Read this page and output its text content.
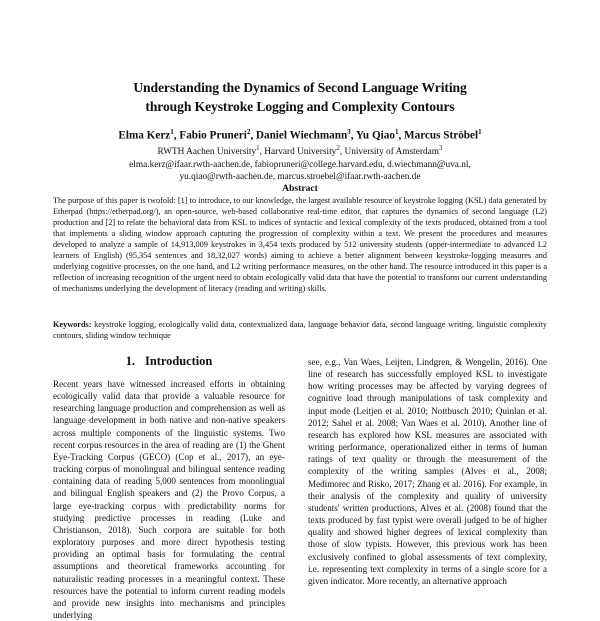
Understanding the Dynamics of Second Language Writing
through Keystroke Logging and Complexity Contours
Elma Kerz$^1$, Fabio Pruneri$^2$, Daniel Wiechmann$^3$, Yu Qiao$^1$, Marcus Ströbel$^1$
RWTH Aachen University$^1$, Harvard University$^2$, University of Amsterdam$^3$
elma.kerz@ifaar.rwth-aachen.de, fabiopruneri@college.harvard.edu, d.wiechmann@uva.nl,
yu.qiao@rwth-aachen.de, marcus.stroebel@ifaar.rwth-aachen.de
Abstract
The purpose of this paper is twofold: [1] to introduce, to our knowledge, the largest available resource of keystroke logging (KSL) data generated by Etherpad (https://etherpad.org/), an open-source, web-based collaborative real-time editor, that captures the dynamics of second language (L2) production and [2] to relate the behavioral data from KSL to indices of syntactic and lexical complexity of the texts produced, obtained from a tool that implements a sliding window approach capturing the progression of complexity within a text. We present the procedures and measures developed to analyze a sample of 14,913,009 keystrokes in 3,454 texts produced by 512 university students (upper-intermediate to advanced L2 learners of English) (95,354 sentences and 18,32,027 words) aiming to achieve a better alignment between keystroke-logging measures and underlying cognitive processes, on the one hand, and L2 writing performance measures, on the other hand. The resource introduced in this paper is a reflection of increasing recognition of the urgent need to obtain ecologically valid data that have the potential to transform our current understanding of mechanisms underlying the development of literacy (reading and writing) skills.
Keywords: keystroke logging, ecologically valid data, contextualized data, language behavior data, second language writing, linguistic complexity contours, sliding window technique
1. Introduction

Recent years have witnessed increased efforts in obtaining ecologically valid data that provide a valuable resource for researching language production and comprehension as well as language development in both native and non-native speakers across multiple components of the linguistic systems. Two recent corpus resources in the area of reading are (1) the Ghent Eye-Tracking Corpus (GECO) (Cop et al., 2017), an eye-tracking corpus of monolingual and bilingual sentence reading containing data of reading 5,000 sentences from monolingual and bilingual English speakers and (2) the Provo Corpus, a large eye-tracking corpus with predictability norms for studying predictive processes in reading (Luke and Christianson, 2018). Such corpora are suitable for both exploratory purposes and more direct hypothesis testing providing an optimal basis for formulating the central assumptions and theoretical frameworks accounting for naturalistic reading processes in a meaningful context. These resources have the potential to inform current reading models and provide new insights into mechanisms and principles underlying

see, e.g., Van Waes, Leijten, Lindgren, & Wengelin, 2016). One line of research has successfully employed KSL to investigate how writing processes may be affected by varying degrees of cognitive load through manipulations of task complexity and input mode (Leitjen et al. 2010; Nottbusch 2010; Quinlan et al. 2012; Sahel et al. 2008; Van Waes et al. 2010). Another line of research has explored how KSL measures are associated with writing performance, operationalized either in terms of human ratings of text quality or through the measurement of the complexity of the writing samples (Alves et al., 2008; Medimorec and Risko, 2017; Zhang et al. 2016). For example, in their analysis of the complexity and quality of university students' written productions, Alves et al. (2008) found that the texts produced by fast typist were overall judged to be of higher quality and showed higher degrees of lexical complexity than those of slow typists. However, this previous work has been exclusively confined to global assessments of text complexity, i.e. representing text complexity in terms of a single score for a given indicator. More recently, an alternative approach
